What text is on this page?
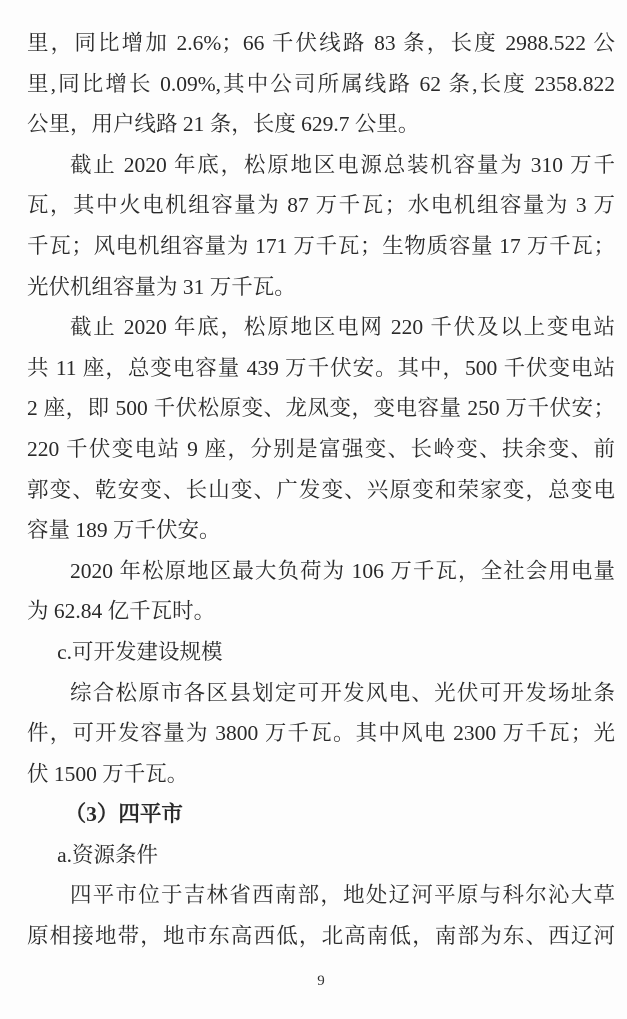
里，同比增加 2.6%；66 千伏线路 83 条，长度 2988.522 公
里,同比增长 0.09%,其中公司所属线路 62 条,长度 2358.822
公里，用户线路 21 条，长度 629.7 公里。
截止 2020 年底，松原地区电源总装机容量为 310 万千
瓦，其中火电机组容量为 87 万千瓦；水电机组容量为 3 万
千瓦；风电机组容量为 171 万千瓦；生物质容量 17 万千瓦；
光伏机组容量为 31 万千瓦。
截止 2020 年底，松原地区电网 220 千伏及以上变电站
共 11 座，总变电容量 439 万千伏安。其中，500 千伏变电站
2 座，即 500 千伏松原变、龙凤变，变电容量 250 万千伏安；
220 千伏变电站 9 座，分别是富强变、长岭变、扶余变、前
郭变、乾安变、长山变、广发变、兴原变和荣家变，总变电
容量 189 万千伏安。
2020 年松原地区最大负荷为 106 万千瓦，全社会用电量
为 62.84 亿千瓦时。
c.可开发建设规模
综合松原市各区县划定可开发风电、光伏可开发场址条
件，可开发容量为 3800 万千瓦。其中风电 2300 万千瓦；光
伏 1500 万千瓦。
（3）四平市
a.资源条件
四平市位于吉林省西南部，地处辽河平原与科尔沁大草
原相接地带，地市东高西低，北高南低，南部为东、西辽河
9
